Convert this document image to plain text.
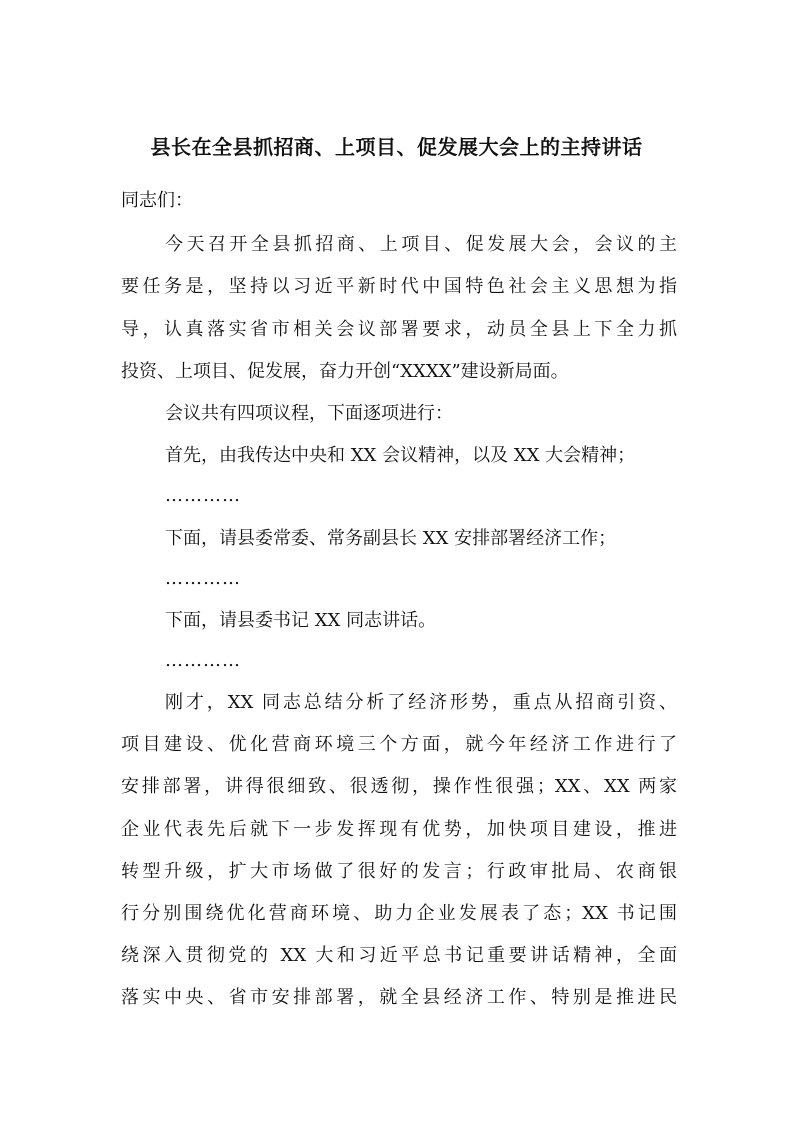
县长在全县抓招商、上项目、促发展大会上的主持讲话

同志们：

今天召开全县抓招商、上项目、促发展大会，会议的主

要任务是，坚持以习近平新时代中国特色社会主义思想为指

导，认真落实省市相关会议部署要求，动员全县上下全力抓

投资、上项目、促发展，奋力开创“XXXX”建设新局面。

会议共有四项议程，下面逐项进行：

首先，由我传达中央和 XX 会议精神，以及 XX 大会精神；

…………

下面，请县委常委、常务副县长 XX 安排部署经济工作；

…………

下面，请县委书记 XX 同志讲话。

…………

刚才，XX 同志总结分析了经济形势，重点从招商引资、

项目建设、优化营商环境三个方面，就今年经济工作进行了

安排部署，讲得很细致、很透彻，操作性很强；XX、XX 两家

企业代表先后就下一步发挥现有优势，加快项目建设，推进

转型升级，扩大市场做了很好的发言；行政审批局、农商银

行分别围绕优化营商环境、助力企业发展表了态；XX 书记围

绕深入贯彻党的 XX 大和习近平总书记重要讲话精神，全面

落实中央、省市安排部署，就全县经济工作、特别是推进民
